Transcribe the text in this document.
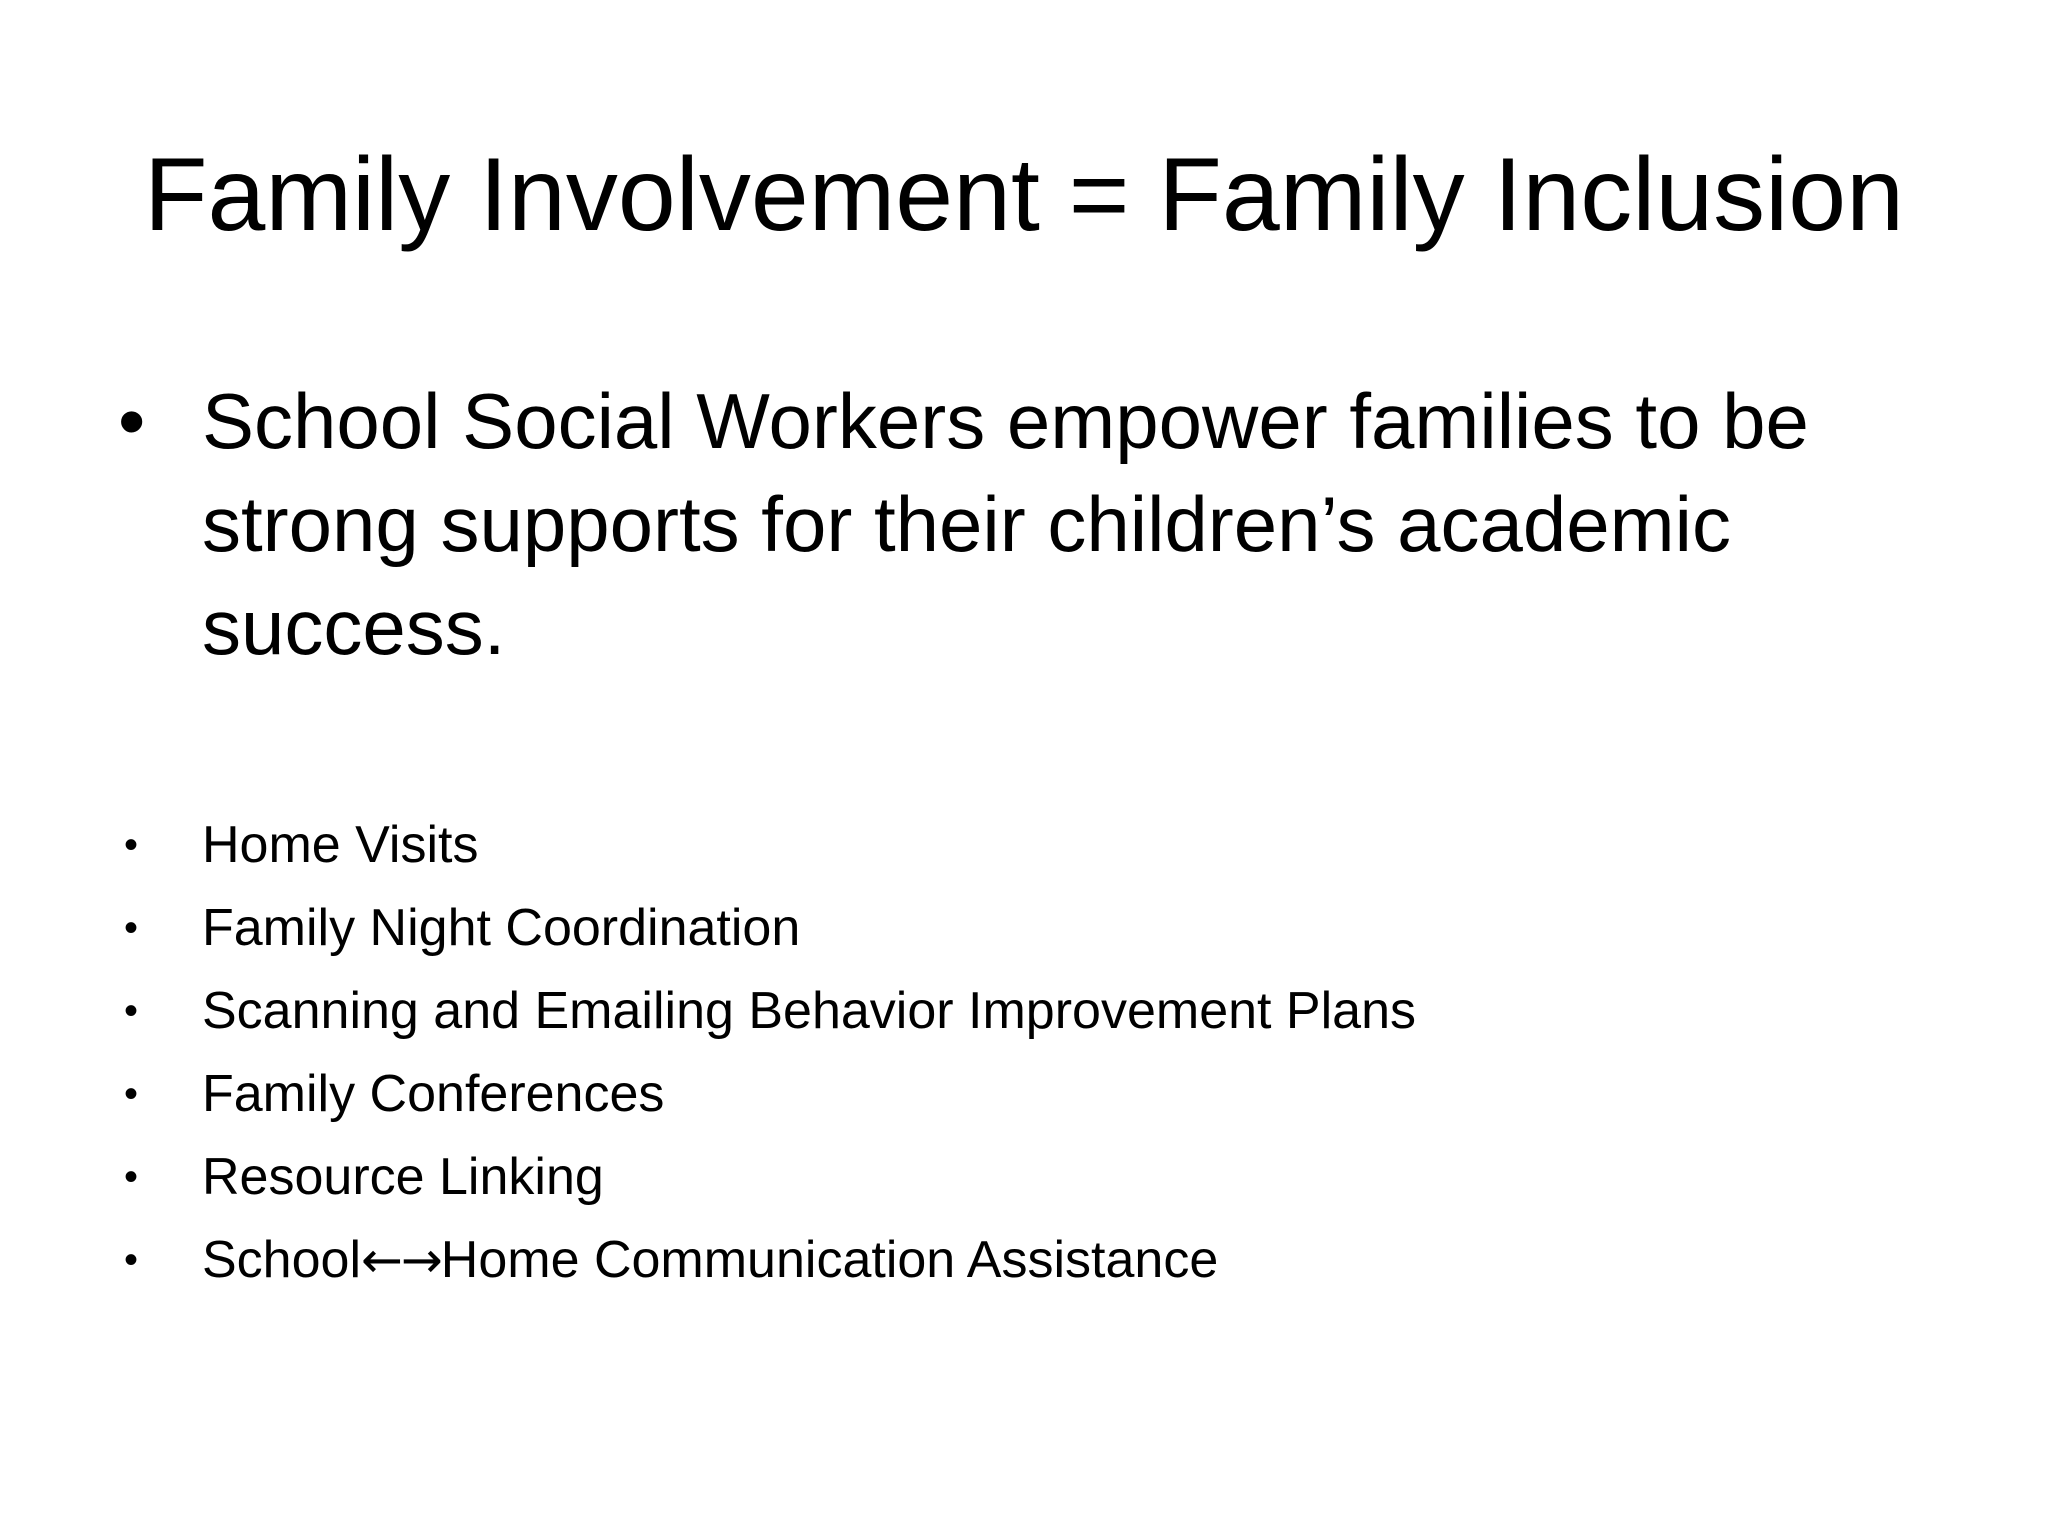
Family Involvement = Family Inclusion
• School Social Workers empower families to be strong supports for their children’s academic success.
• Home Visits
• Family Night Coordination
• Scanning and Emailing Behavior Improvement Plans
• Family Conferences
• Resource Linking
• School←→Home Communication Assistance
